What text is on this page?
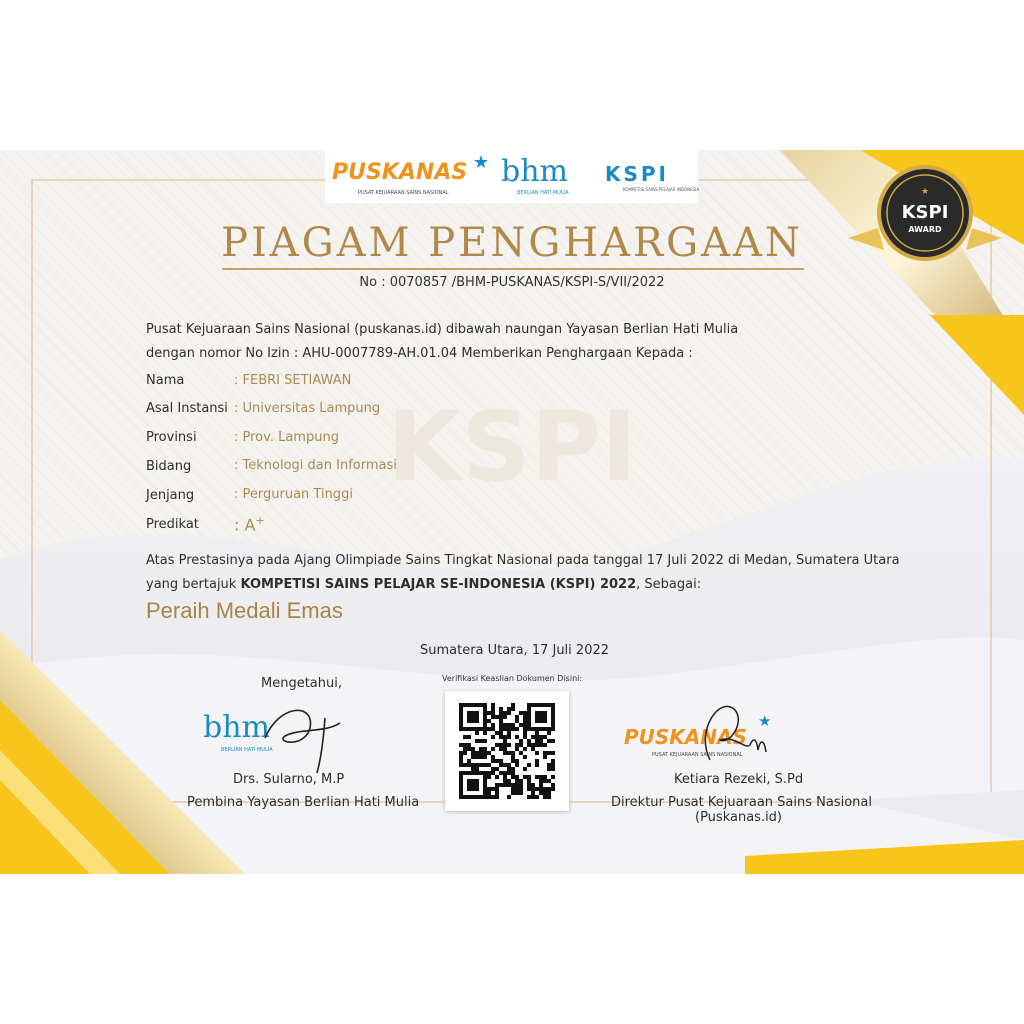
KSPI
PUSKANAS ★
PUSAT KEJUARAAN SAINS NASIONAL
bhm
BERLIAN HATI MULIA
KSPI
KOMPETISI SAINS PELAJAR INDONESIA
KSPI
AWARD
★
PIAGAM PENGHARGAAN
No : 0070857 /BHM-PUSKANAS/KSPI-S/VII/2022
Pusat Kejuaraan Sains Nasional (puskanas.id) dibawah naungan Yayasan Berlian Hati Mulia
dengan nomor No Izin : AHU-0007789-AH.01.04 Memberikan Penghargaan Kepada :
Nama	: FEBRI SETIAWAN
Asal Instansi : Universitas Lampung
Provinsi	: Prov. Lampung
Bidang	: Teknologi dan Informasi
Jenjang	: Perguruan Tinggi
Predikat : A+
Atas Prestasinya pada Ajang Olimpiade Sains Tingkat Nasional pada tanggal 17 Juli 2022 di Medan, Sumatera Utara
yang bertajuk KOMPETISI SAINS PELAJAR SE-INDONESIA (KSPI) 2022, Sebagai:
Peraih Medali Emas
Sumatera Utara, 17 Juli 2022
Mengetahui,
bhm
BERLIAN HATI MULIA
Drs. Sularno, M.P
Pembina Yayasan Berlian Hati Mulia
Verifikasi Keaslian Dokumen Disini:
PUSKANAS
★
PUSAT KEJUARAAN SAINS NASIONAL
Ketiara Rezeki, S.Pd
Direktur Pusat Kejuaraan Sains Nasional
(Puskanas.id)
